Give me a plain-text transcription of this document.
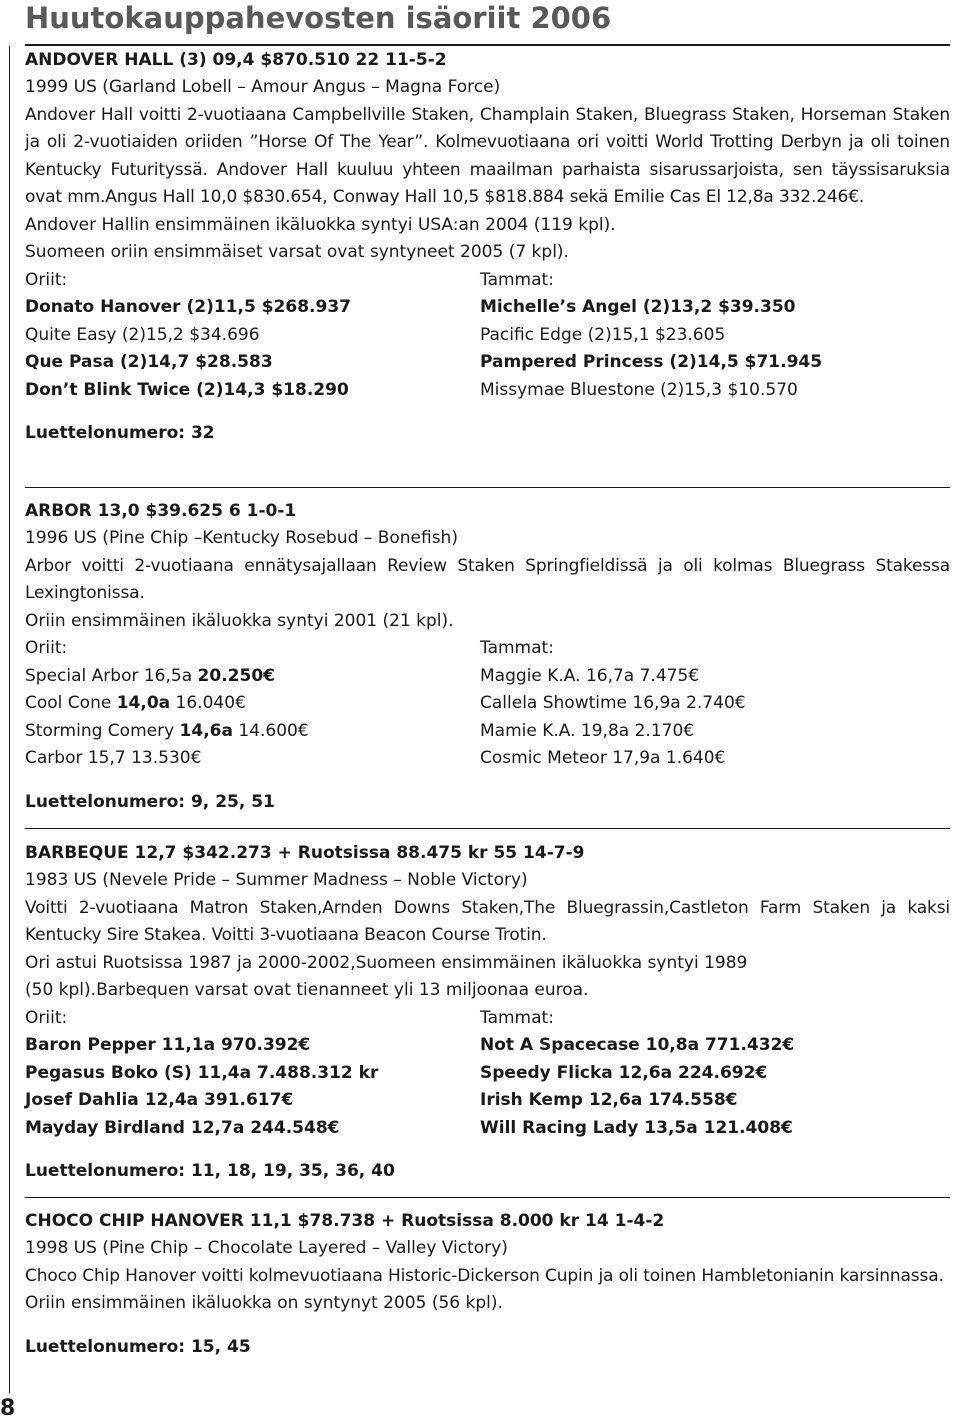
Huutokauppahevosten isäoriit 2006
8
ANDOVER HALL (3) 09,4 $870.510 22 11-5-2
1999 US (Garland Lobell – Amour Angus – Magna Force)

Andover Hall voitti 2-vuotiaana Campbellville Staken, Champlain Staken, Bluegrass Staken, Horseman Staken ja oli 2-vuotiaiden oriiden ”Horse Of The Year”. Kolmevuotiaana ori voitti World Trotting Derbyn ja oli toinen Kentucky Futurityssä. Andover Hall kuuluu yhteen maailman parhaista sisarussarjoista, sen täyssisaruksia ovat mm.Angus Hall 10,0 $830.654, Conway Hall 10,5 $818.884 sekä Emilie Cas El 12,8a 332.246€.

Andover Hallin ensimmäinen ikäluokka syntyi USA:an 2004 (119 kpl).
Suomeen oriin ensimmäiset varsat ovat syntyneet 2005 (7 kpl).
Oriit:	Tammat:
Donato Hanover (2)11,5 $268.937	Michelle’s Angel (2)13,2 $39.350
Quite Easy (2)15,2 $34.696	Pacific Edge (2)15,1 $23.605
Que Pasa (2)14,7 $28.583	Pampered Princess (2)14,5 $71.945
Don’t Blink Twice (2)14,3 $18.290	Missymae Bluestone (2)15,3 $10.570
Luettelonumero: 32
ARBOR 13,0 $39.625 6 1-0-1
1996 US (Pine Chip –Kentucky Rosebud – Bonefish)

Arbor voitti 2-vuotiaana ennätysajallaan Review Staken Springfieldissä ja oli kolmas Bluegrass Stakessa Lexingtonissa.

Oriin ensimmäinen ikäluokka syntyi 2001 (21 kpl).
Oriit:	Tammat:
Special Arbor 16,5a 20.250€	Maggie K.A. 16,7a 7.475€
Cool Cone 14,0a 16.040€	Callela Showtime 16,9a 2.740€
Storming Comery 14,6a 14.600€	Mamie K.A. 19,8a 2.170€
Carbor 15,7 13.530€	Cosmic Meteor 17,9a 1.640€
Luettelonumero: 9, 25, 51
BARBEQUE 12,7 $342.273 + Ruotsissa 88.475 kr 55 14-7-9
1983 US (Nevele Pride – Summer Madness – Noble Victory)

Voitti 2-vuotiaana Matron Staken,Arnden Downs Staken,The Bluegrassin,Castleton Farm Staken ja kaksi Kentucky Sire Stakea. Voitti 3-vuotiaana Beacon Course Trotin.

Ori astui Ruotsissa 1987 ja 2000-2002,Suomeen ensimmäinen ikäluokka syntyi 1989
(50 kpl).Barbequen varsat ovat tienanneet yli 13 miljoonaa euroa.
Oriit:	Tammat:
Baron Pepper 11,1a 970.392€	Not A Spacecase 10,8a 771.432€
Pegasus Boko (S) 11,4a 7.488.312 kr	Speedy Flicka 12,6a 224.692€
Josef Dahlia 12,4a 391.617€	Irish Kemp 12,6a 174.558€
Mayday Birdland 12,7a 244.548€	Will Racing Lady 13,5a 121.408€
Luettelonumero: 11, 18, 19, 35, 36, 40
CHOCO CHIP HANOVER 11,1 $78.738 + Ruotsissa 8.000 kr 14 1-4-2
1998 US (Pine Chip – Chocolate Layered – Valley Victory)

Choco Chip Hanover voitti kolmevuotiaana Historic-Dickerson Cupin ja oli toinen Hambletonianin karsinnassa.

Oriin ensimmäinen ikäluokka on syntynyt 2005 (56 kpl).
Luettelonumero: 15, 45
